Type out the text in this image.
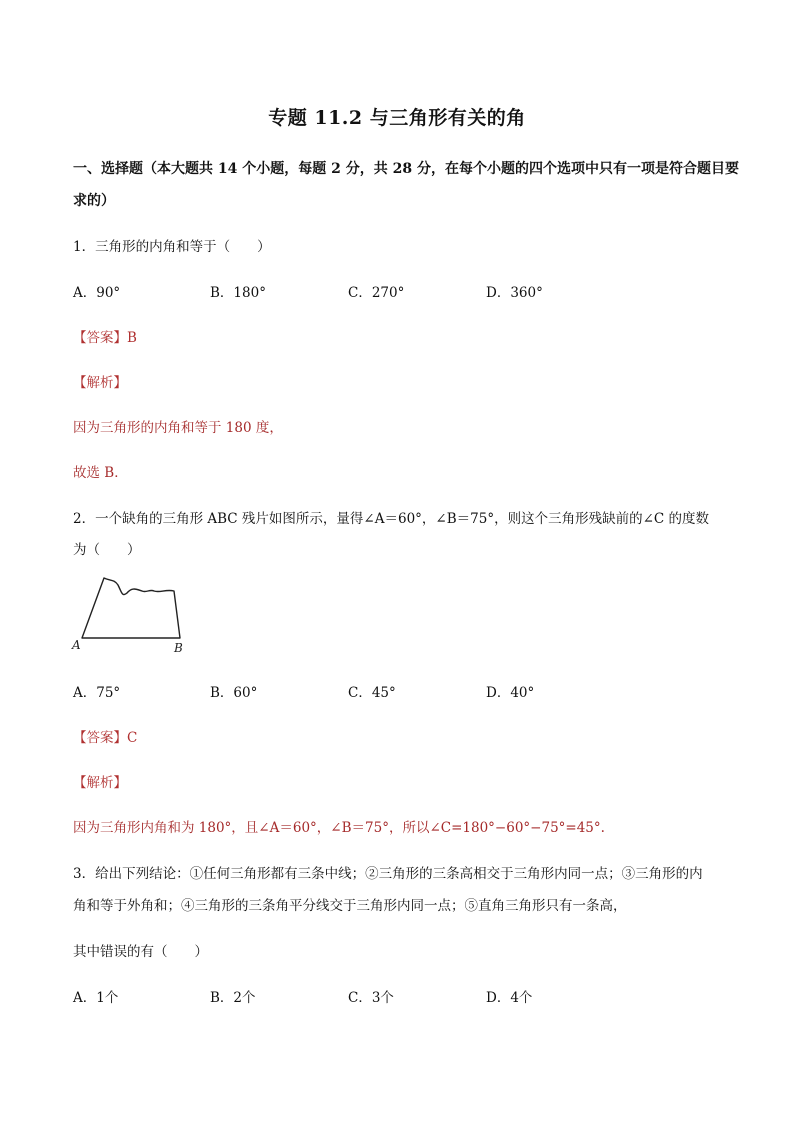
专题 11.2 与三角形有关的角
一、选择题（本大题共 14 个小题，每题 2 分，共 28 分，在每个小题的四个选项中只有一项是符合题目要
求的）
1．三角形的内角和等于（　　）
A．90°	B．180°	C．270°	D．360°
【答案】B
【解析】
因为三角形的内角和等于 180 度，
故选 B．
2．一个缺角的三角形 ABC 残片如图所示，量得∠A＝60°，∠B＝75°，则这个三角形残缺前的∠C 的度数
为（　　）
A	B
A．75°	B．60°	C．45°	D．40°
【答案】C
【解析】
因为三角形内角和为 180°，且∠A＝60°，∠B＝75°，所以∠C=180°−60°−75°=45°.
3．给出下列结论：①任何三角形都有三条中线；②三角形的三条高相交于三角形内同一点；③三角形的内
角和等于外角和；④三角形的三条角平分线交于三角形内同一点；⑤直角三角形只有一条高，
其中错误的有（　　）
A．1个	B．2个	C．3个	D．4个
